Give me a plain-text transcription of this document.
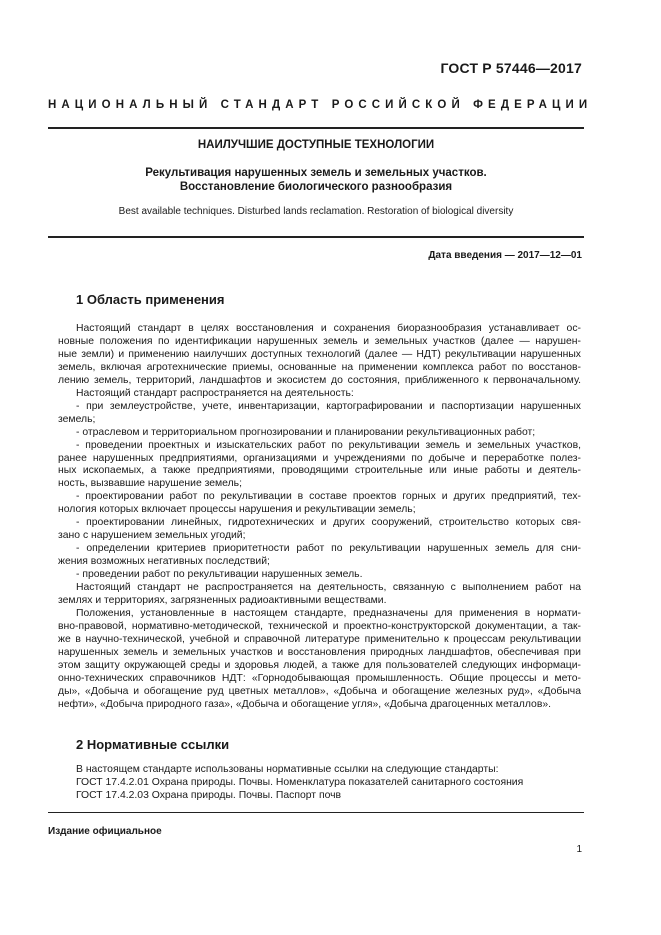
ГОСТ Р 57446—2017
НАЦИОНАЛЬНЫЙ СТАНДАРТ РОССИЙСКОЙ ФЕДЕРАЦИИ
НАИЛУЧШИЕ ДОСТУПНЫЕ ТЕХНОЛОГИИ
Рекультивация нарушенных земель и земельных участков.
Восстановление биологического разнообразия
Best available techniques. Disturbed lands reclamation. Restoration of biological diversity
Дата введения — 2017—12—01
1 Область применения
Настоящий стандарт в целях восстановления и сохранения биоразнообразия устанавливает ос-
новные положения по идентификации нарушенных земель и земельных участков (далее — нарушен-
ные земли) и применению наилучших доступных технологий (далее — НДТ) рекультивации нарушенных
земель, включая агротехнические приемы, основанные на применении комплекса работ по восстанов-
лению земель, территорий, ландшафтов и экосистем до состояния, приближенного к первоначальному.
Настоящий стандарт распространяется на деятельность:
- при землеустройстве, учете, инвентаризации, картографировании и паспортизации нарушенных
земель;
- отраслевом и территориальном прогнозировании и планировании рекультивационных работ;
- проведении проектных и изыскательских работ по рекультивации земель и земельных участков,
ранее нарушенных предприятиями, организациями и учреждениями по добыче и переработке полез-
ных ископаемых, а также предприятиями, проводящими строительные или иные работы и деятель-
ность, вызвавшие нарушение земель;
- проектировании работ по рекультивации в составе проектов горных и других предприятий, тех-
нология которых включает процессы нарушения и рекультивации земель;
- проектировании линейных, гидротехнических и других сооружений, строительство которых свя-
зано с нарушением земельных угодий;
- определении критериев приоритетности работ по рекультивации нарушенных земель для сни-
жения возможных негативных последствий;
- проведении работ по рекультивации нарушенных земель.
Настоящий стандарт не распространяется на деятельность, связанную с выполнением работ на
землях и территориях, загрязненных радиоактивными веществами.
Положения, установленные в настоящем стандарте, предназначены для применения в нормати-
вно-правовой, нормативно-методической, технической и проектно-конструкторской документации, а так-
же в научно-технической, учебной и справочной литературе применительно к процессам рекультивации
нарушенных земель и земельных участков и восстановления природных ландшафтов, обеспечивая при
этом защиту окружающей среды и здоровья людей, а также для пользователей следующих информаци-
онно-технических справочников НДТ: «Горнодобывающая промышленность. Общие процессы и мето-
ды», «Добыча и обогащение руд цветных металлов», «Добыча и обогащение железных руд», «Добыча
нефти», «Добыча природного газа», «Добыча и обогащение угля», «Добыча драгоценных металлов».
2 Нормативные ссылки
В настоящем стандарте использованы нормативные ссылки на следующие стандарты:
ГОСТ 17.4.2.01 Охрана природы. Почвы. Номенклатура показателей санитарного состояния
ГОСТ 17.4.2.03 Охрана природы. Почвы. Паспорт почв
Издание официальное
1
